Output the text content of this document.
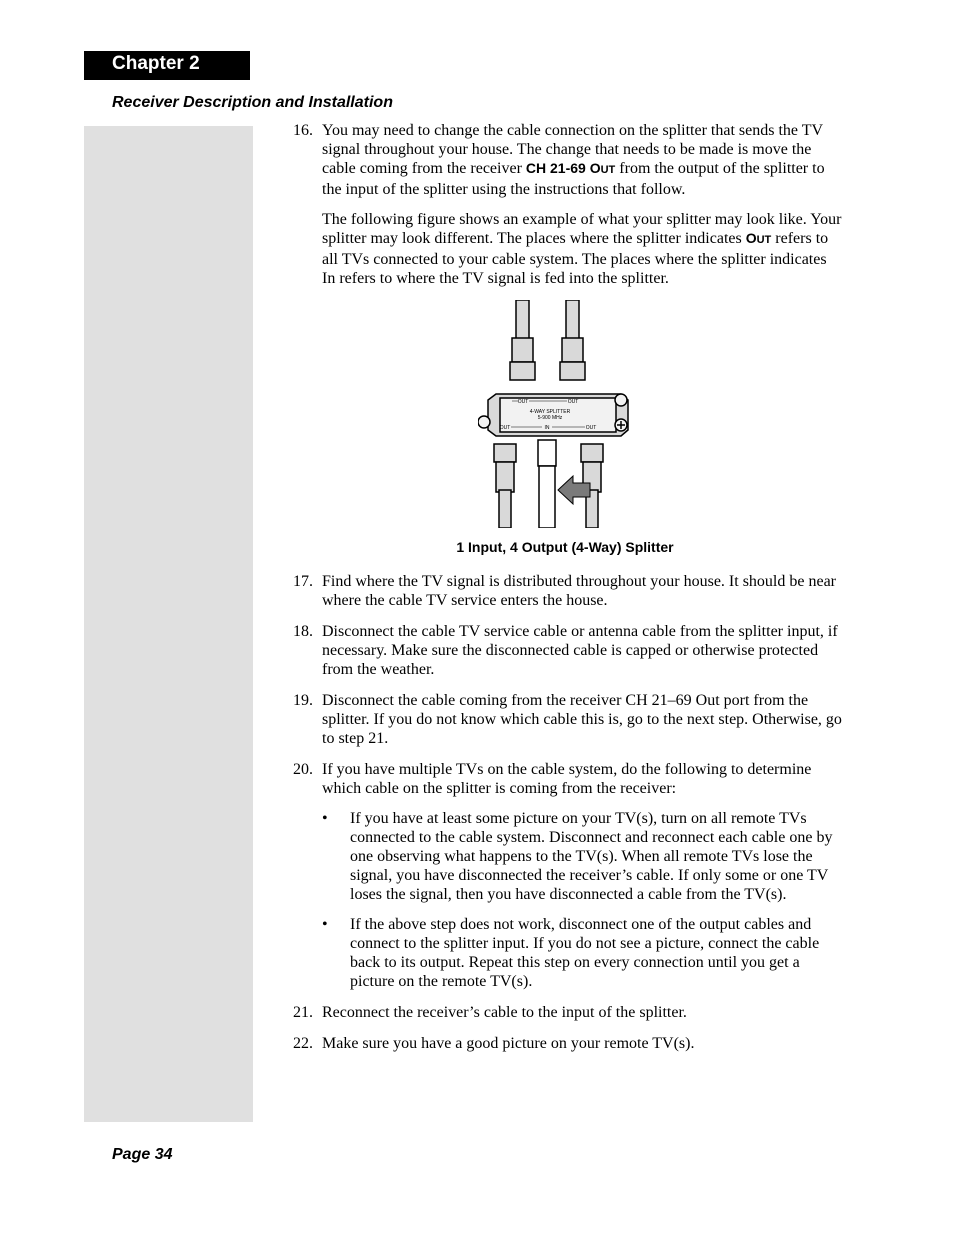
Chapter 2
Receiver Description and Installation
16. You may need to change the cable connection on the splitter that sends the TV signal throughout your house. The change that needs to be made is move the cable coming from the receiver CH 21-69 OUT from the output of the splitter to the input of the splitter using the instructions that follow.

The following figure shows an example of what your splitter may look like. Your splitter may look different. The places where the splitter indicates OUT refers to all TVs connected to your cable system. The places where the splitter indicates In refers to where the TV signal is fed into the splitter.

OUT	OUT
4-WAY SPLITTER
5-900 MHz
OUT	IN	OUT
1 Input, 4 Output (4-Way) Splitter
17. Find where the TV signal is distributed throughout your house. It should be near where the cable TV service enters the house.

18. Disconnect the cable TV service cable or antenna cable from the splitter input, if necessary. Make sure the disconnected cable is capped or otherwise protected from the weather.

19. Disconnect the cable coming from the receiver CH 21–69 Out port from the splitter. If you do not know which cable this is, go to the next step. Otherwise, go to step 21.

20. If you have multiple TVs on the cable system, do the following to determine which cable on the splitter is coming from the receiver:

• If you have at least some picture on your TV(s), turn on all remote TVs connected to the cable system. Disconnect and reconnect each cable one by one observing what happens to the TV(s). When all remote TVs lose the signal, you have disconnected the receiver’s cable. If only some or one TV loses the signal, then you have disconnected a cable from the TV(s).

• If the above step does not work, disconnect one of the output cables and connect to the splitter input. If you do not see a picture, connect the cable back to its output. Repeat this step on every connection until you get a picture on the remote TV(s).

21. Reconnect the receiver’s cable to the input of the splitter.

22. Make sure you have a good picture on your remote TV(s).

Page 34
